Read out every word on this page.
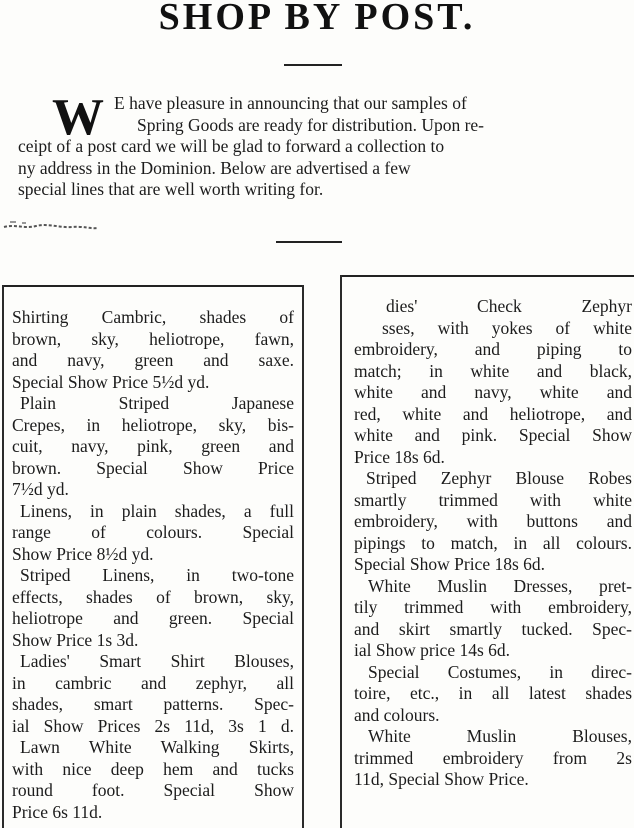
SHOP BY POST.
W E have pleasure in announcing that our samples of
Spring Goods are ready for distribution. Upon re-
ceipt of a post card we will be glad to forward a collection to
ny address in the Dominion. Below are advertised a few
special lines that are well worth writing for.
Shirting Cambric, shades of
brown, sky, heliotrope, fawn,
and navy, green and saxe.
Special Show Price 5½d yd.
Plain Striped Japanese
Crepes, in heliotrope, sky, bis-
cuit, navy, pink, green and
brown. Special Show Price
7½d yd.
Linens, in plain shades, a full
range of colours. Special
Show Price 8½d yd.
Striped Linens, in two-tone
effects, shades of brown, sky,
heliotrope and green. Special
Show Price 1s 3d.
Ladies' Smart Shirt Blouses,
in cambric and zephyr, all
shades, smart patterns. Spec-
ial Show Prices 2s 11d, 3s 1 d.
Lawn White Walking Skirts,
with nice deep hem and tucks
round foot. Special Show
Price 6s 11d.
dies' Check Zephyr
sses, with yokes of white
embroidery, and piping to
match; in white and black,
white and navy, white and
red, white and heliotrope, and
white and pink. Special Show
Price 18s 6d.
Striped Zephyr Blouse Robes
smartly trimmed with white
embroidery, with buttons and
pipings to match, in all colours.
Special Show Price 18s 6d.
White Muslin Dresses, pret-
tily trimmed with embroidery,
and skirt smartly tucked. Spec-
ial Show price 14s 6d.
Special Costumes, in direc-
toire, etc., in all latest shades
and colours.
White Muslin Blouses,
trimmed embroidery from 2s
11d, Special Show Price.
